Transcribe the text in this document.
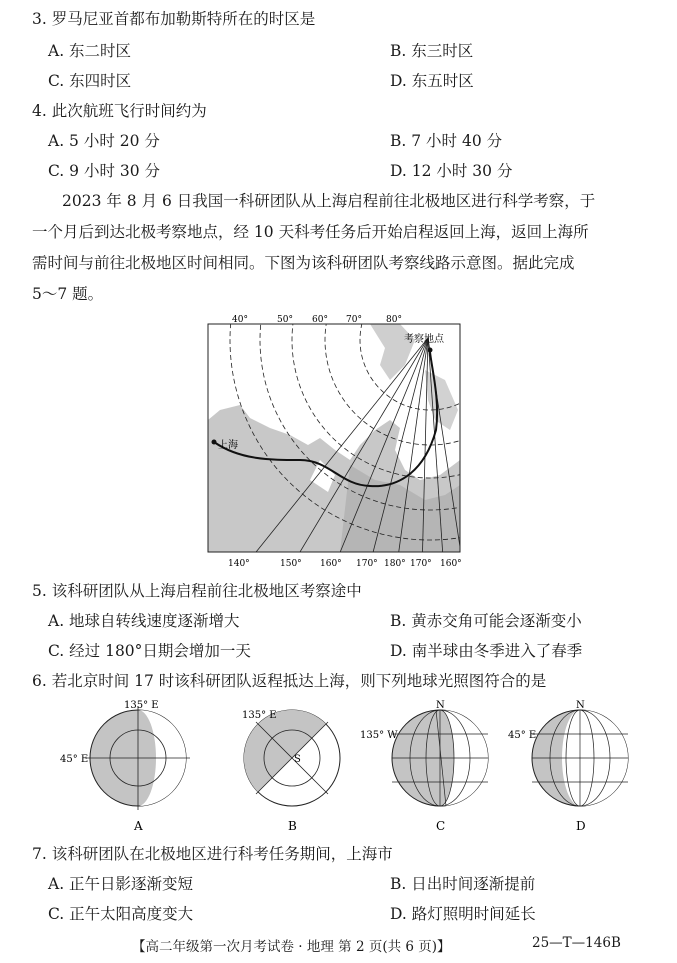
3. 罗马尼亚首都布加勒斯特所在的时区是
A. 东二时区	B. 东三时区
C. 东四时区	D. 东五时区
4. 此次航班飞行时间约为
A. 5 小时 20 分	B. 7 小时 40 分
C. 9 小时 30 分	D. 12 小时 30 分
2023 年 8 月 6 日我国一科研团队从上海启程前往北极地区进行科学考察，于
一个月后到达北极考察地点，经 10 天科考任务后开始启程返回上海，返回上海所
需时间与前往北极地区时间相同。下图为该科研团队考察线路示意图。据此完成
5～7 题。
40°	50° 60° 70°	80°
140°	150° 160° 170° 180° 170° 160°
上海
考察地点
5. 该科研团队从上海启程前往北极地区考察途中
A. 地球自转线速度逐渐增大	B. 黄赤交角可能会逐渐变小
C. 经过 180°日期会增加一天	D. 南半球由冬季进入了春季
6. 若北京时间 17 时该科研团队返程抵达上海，则下列地球光照图符合的是
135° E
45° E
A
135° E
S
B
N
135° W
C
N
45° E
D
7. 该科研团队在北极地区进行科考任务期间，上海市
A. 正午日影逐渐变短	B. 日出时间逐渐提前
C. 正午太阳高度变大	D. 路灯照明时间延长
【高二年级第一次月考试卷 · 地理 第 2 页(共 6 页)】	25—T—146B
